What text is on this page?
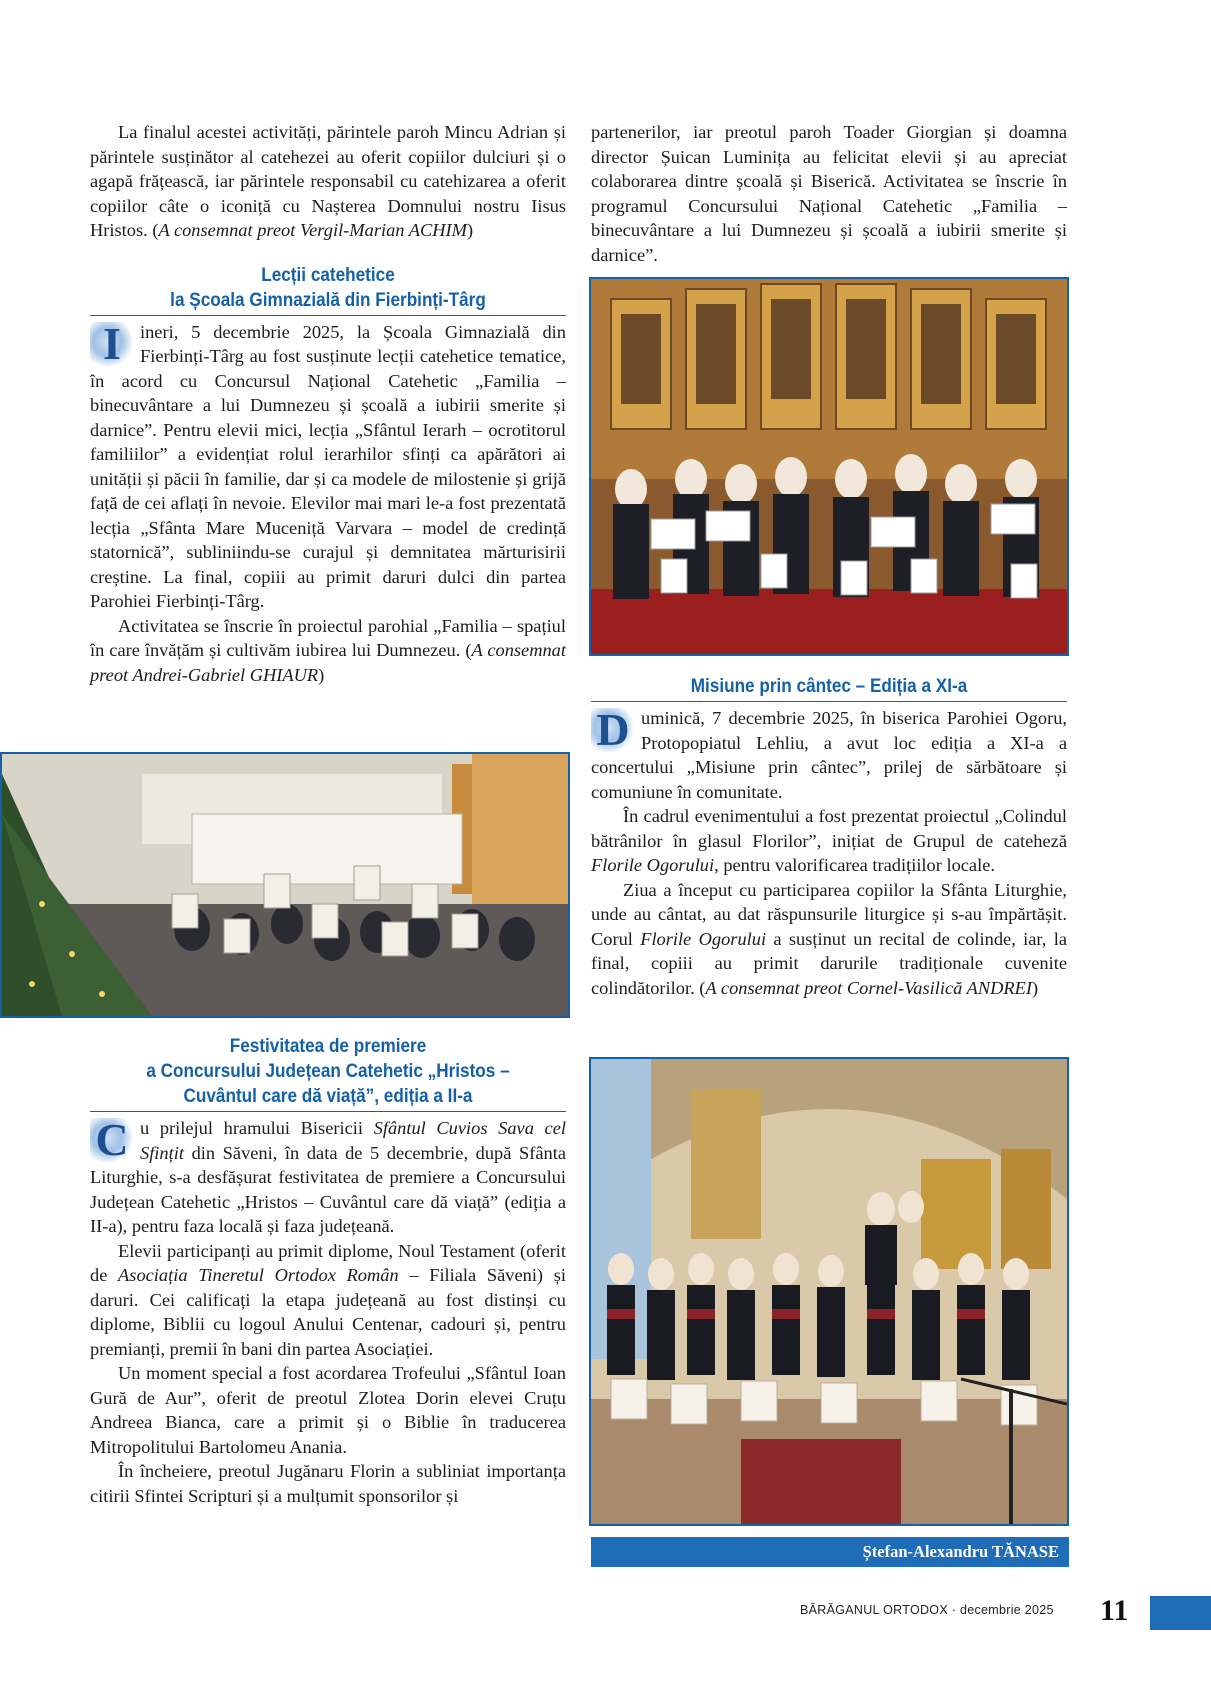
La finalul acestei activități, părintele paroh Mincu Adrian și părintele susținător al catehezei au oferit copiilor dulciuri și o agapă frățească, iar părintele responsabil cu catehizarea a oferit copiilor câte o iconiță cu Nașterea Domnului nostru Iisus Hristos. (A consemnat preot Vergil-Marian ACHIM)

Lecții catehetice
la Școala Gimnazială din Fierbinți-Târg

I	ineri, 5 decembrie 2025, la Școala Gimnazială din Fierbinți-Târg au fost susținute lecții catehetice tematice, în acord cu Concursul Național Catehetic „Familia – binecuvântare a lui Dumnezeu și școală a iubirii smerite și darnice”. Pentru elevii mici, lecția „Sfântul Ierarh – ocrotitorul familiilor” a evidențiat rolul ierarhilor sfinți ca apărători ai unității și păcii în familie, dar și ca modele de milostenie și grijă față de cei aflați în nevoie. Elevilor mai mari le-a fost prezentată lecția „Sfânta Mare Muceniță Varvara – model de credință statornică”, subliniindu-se curajul și demnitatea mărturisirii creștine. La final, copiii au primit daruri dulci din partea Parohiei Fierbinți-Târg.

Activitatea se înscrie în proiectul parohial „Familia – spațiul în care învățăm și cultivăm iubirea lui Dumnezeu. (A consemnat preot Andrei-Gabriel GHIAUR)

Festivitatea de premiere
a Concursului Județean Catehetic „Hristos –
Cuvântul care dă viață”, ediția a II-a

C u prilejul hramului Bisericii Sfântul Cuvios Sava cel Sfințit din Săveni, în data de 5 decembrie, după Sfânta Liturghie, s-a desfășurat festivitatea de premiere a Concursului Județean Catehetic „Hristos – Cuvântul care dă viață” (ediția a II-a), pentru faza locală și faza județeană.

Elevii participanți au primit diplome, Noul Testament (oferit de Asociația Tineretul Ortodox Român – Filiala Săveni) și daruri. Cei calificați la etapa județeană au fost distinși cu diplome, Biblii cu logoul Anului Centenar, cadouri și, pentru premianți, premii în bani din partea Asociației.

Un moment special a fost acordarea Trofeului „Sfântul Ioan Gură de Aur”, oferit de preotul Zlotea Dorin elevei Cruțu Andreea Bianca, care a primit și o Biblie în traducerea Mitropolitului Bartolomeu Anania.

În încheiere, preotul Jugănaru Florin a subliniat importanța citirii Sfintei Scripturi și a mulțumit sponsorilor și

partenerilor, iar preotul paroh Toader Giorgian și doamna director Șuican Luminița au felicitat elevii și au apreciat colaborarea dintre școală și Biserică. Activitatea se înscrie în programul Concursului Național Catehetic „Familia – binecuvântare a lui Dumnezeu și școală a iubirii smerite și darnice”.

Misiune prin cântec – Ediția a XI-a

D uminică, 7 decembrie 2025, în biserica Parohiei Ogoru, Protopopiatul Lehliu, a avut loc ediția a XI-a a concertului „Misiune prin cântec”, prilej de sărbătoare și comuniune în comunitate.

În cadrul evenimentului a fost prezentat proiectul „Colindul bătrânilor în glasul Florilor”, inițiat de Grupul de cateheză Florile Ogorului, pentru valorificarea tradițiilor locale.

Ziua a început cu participarea copiilor la Sfânta Liturghie, unde au cântat, au dat răspunsurile liturgice și s-au împărtășit. Corul Florile Ogorului a susținut un recital de colinde, iar, la final, copiii au primit darurile tradiționale cuvenite colindătorilor. (A consemnat preot Cornel-Vasilică ANDREI)

Ștefan-Alexandru TĂNASE
BĂRĂGANUL ORTODOX · decembrie 2025 11
